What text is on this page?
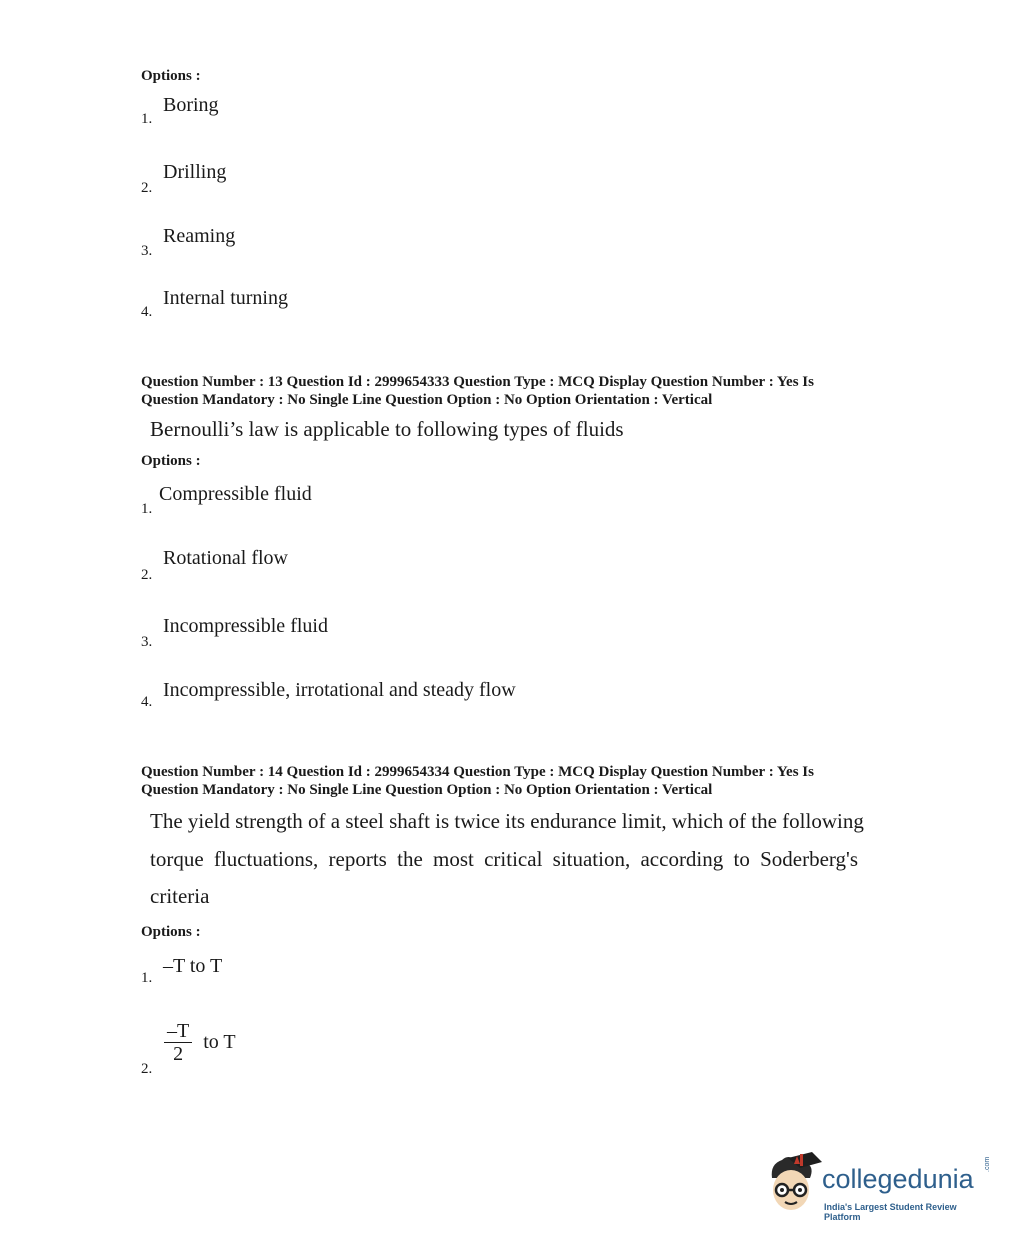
Options :
Boring
1.
Drilling
2.
Reaming
3.
Internal turning
4.
Question Number : 13 Question Id : 2999654333 Question Type : MCQ Display Question Number : Yes Is
Question Mandatory : No Single Line Question Option : No Option Orientation : Vertical
Bernoulli’s law is applicable to following types of fluids
Options :
Compressible fluid
1.
Rotational flow
2.
Incompressible fluid
3.
Incompressible, irrotational and steady flow
4.
Question Number : 14 Question Id : 2999654334 Question Type : MCQ Display Question Number : Yes Is
Question Mandatory : No Single Line Question Option : No Option Orientation : Vertical
The yield strength of a steel shaft is twice its endurance limit, which of the following
torque fluctuations, reports the most critical situation, according to Soderberg's
criteria
Options :
–T to T
1.
$\frac{-T}{2}$ to T
2.
collegedunia .com
India's Largest Student Review Platform
